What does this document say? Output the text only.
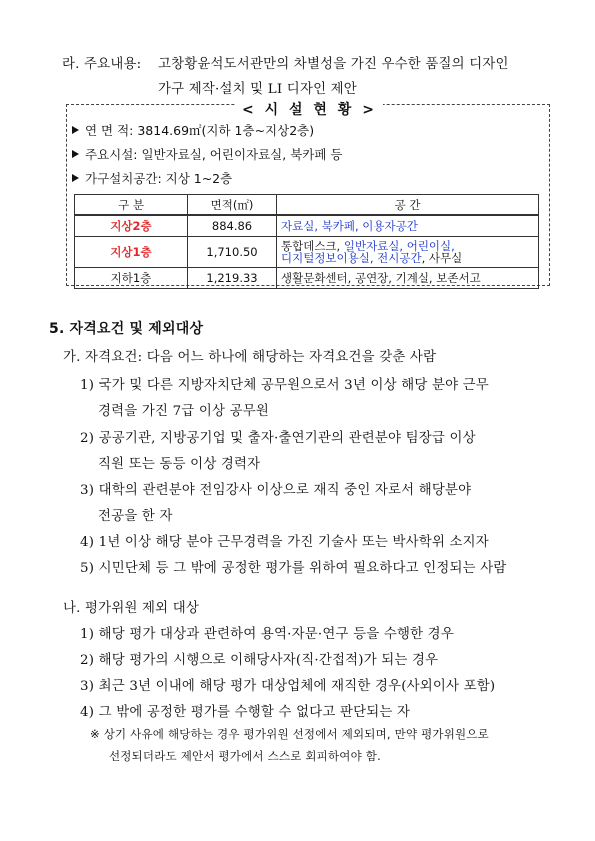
라. 주요내용: 고창황윤석도서관만의 차별성을 가진 우수한 품질의 디자인
가구 제작·설치 및 LI 디자인 제안
< 시 설 현 황 >
연 면 적: 3814.69㎡(지하 1층~지상2층)
주요시설: 일반자료실, 어린이자료실, 북카페 등
가구설치공간: 지상 1~2층
구 분	면적(㎡)	공 간
지상2층	884.86	자료실, 북카페, 이용자공간
지상1층	1,710.50	통합데스크, 일반자료실, 어린이실,
디지털정보이용실, 전시공간, 사무실
지하1층	1,219.33	생활문화센터, 공연장, 기계실, 보존서고
5. 자격요건 및 제외대상
가. 자격요건: 다음 어느 하나에 해당하는 자격요건을 갖춘 사람
1) 국가 및 다른 지방자치단체 공무원으로서 3년 이상 해당 분야 근무
경력을 가진 7급 이상 공무원
2) 공공기관, 지방공기업 및 출자·출연기관의 관련분야 팀장급 이상
직원 또는 동등 이상 경력자
3) 대학의 관련분야 전임강사 이상으로 재직 중인 자로서 해당분야
전공을 한 자
4) 1년 이상 해당 분야 근무경력을 가진 기술사 또는 박사학위 소지자
5) 시민단체 등 그 밖에 공정한 평가를 위하여 필요하다고 인정되는 사람
나. 평가위원 제외 대상
1) 해당 평가 대상과 관련하여 용역·자문·연구 등을 수행한 경우
2) 해당 평가의 시행으로 이해당사자(직·간접적)가 되는 경우
3) 최근 3년 이내에 해당 평가 대상업체에 재직한 경우(사외이사 포함)
4) 그 밖에 공정한 평가를 수행할 수 없다고 판단되는 자
※ 상기 사유에 해당하는 경우 평가위원 선정에서 제외되며, 만약 평가위원으로
선정되더라도 제안서 평가에서 스스로 회피하여야 함.
